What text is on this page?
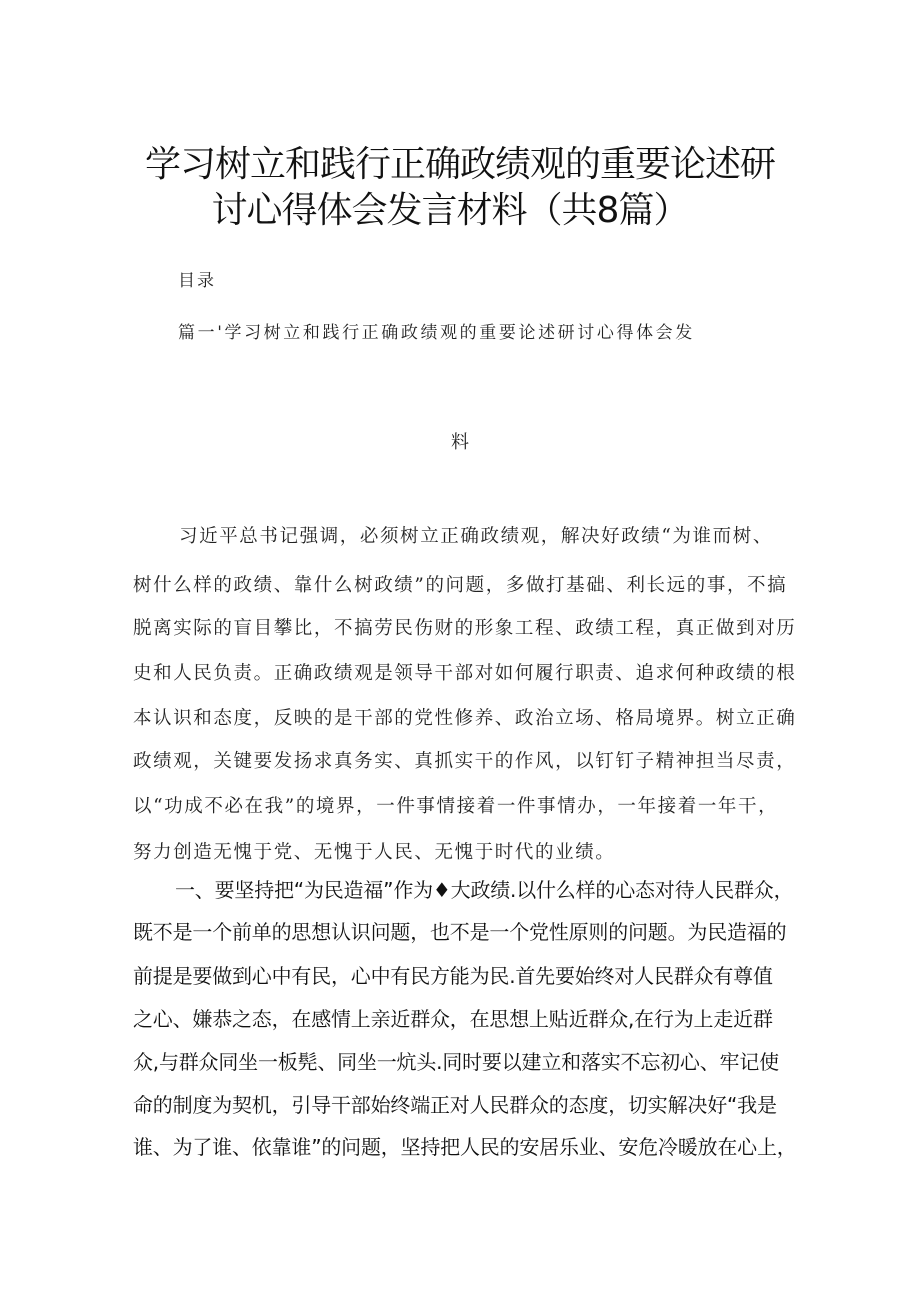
学习树立和践行正确政绩观的重要论述研
讨心得体会发言材料（共8篇）
目录
篇一'学习树立和践行正确政绩观的重要论述研讨心得体会发
料
习近平总书记强调，必须树立正确政绩观，解决好政绩“为谁而树、
树什么样的政绩、靠什么树政绩”的问题，多做打基础、利长远的事，不搞
脱离实际的盲目攀比，不搞劳民伤财的形象工程、政绩工程，真正做到对历
史和人民负责。正确政绩观是领导干部对如何履行职责、追求何种政绩的根
本认识和态度，反映的是干部的党性修养、政治立场、格局境界。树立正确
政绩观，关键要发扬求真务实、真抓实干的作风，以钉钉子精神担当尽责，
以“功成不必在我”的境界，一件事情接着一件事情办，一年接着一年干，
努力创造无愧于党、无愧于人民、无愧于时代的业绩。
一、要坚持把“为民造福”作为♦大政绩.以什么样的心态对待人民群众，
既不是一个前单的思想认识问题，也不是一个党性原则的问题。为民造福的
前提是要做到心中有民，心中有民方能为民.首先要始终对人民群众有尊值
之心、嫌恭之态，在感情上亲近群众，在思想上贴近群众,在行为上走近群
众,与群众同坐一板髡、同坐一炕头.同时要以建立和落实不忘初心、牢记使
命的制度为契机，引导干部始终端正对人民群众的态度，切实解决好“我是
谁、为了谁、依靠谁”的问题，坚持把人民的安居乐业、安危冷暖放在心上，
